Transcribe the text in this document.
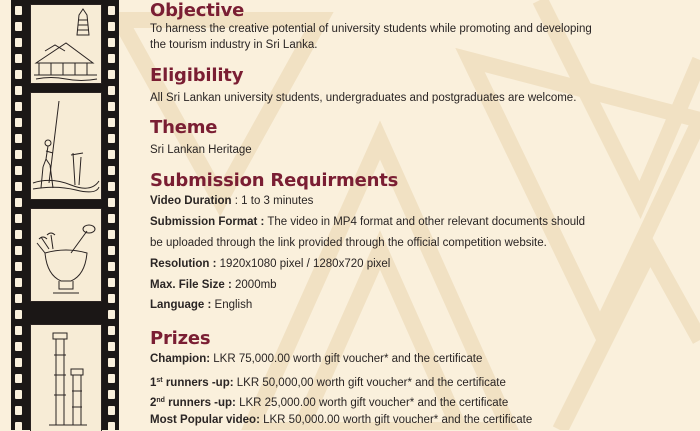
Objective

To harness the creative potential of university students while promoting and developing

the tourism industry in Sri Lanka.

Eligibility

All Sri Lankan university students, undergraduates and postgraduates are welcome.

Theme

Sri Lankan Heritage

Submission Requirments

Video Duration : 1 to 3 minutes

Submission Format : The video in MP4 format and other relevant documents should

be uploaded through the link provided through the official competition website.

Resolution : 1920x1080 pixel / 1280x720 pixel

Max. File Size : 2000mb

Language : English

Prizes

Champion: LKR 75,000.00 worth gift voucher* and the certificate

1st runners -up: LKR 50,000,00 worth gift voucher* and the certificate

2nd runners -up: LKR 25,000.00 worth gift voucher* and the certificate

Most Popular video: LKR 50,000.00 worth gift voucher* and the certificate
